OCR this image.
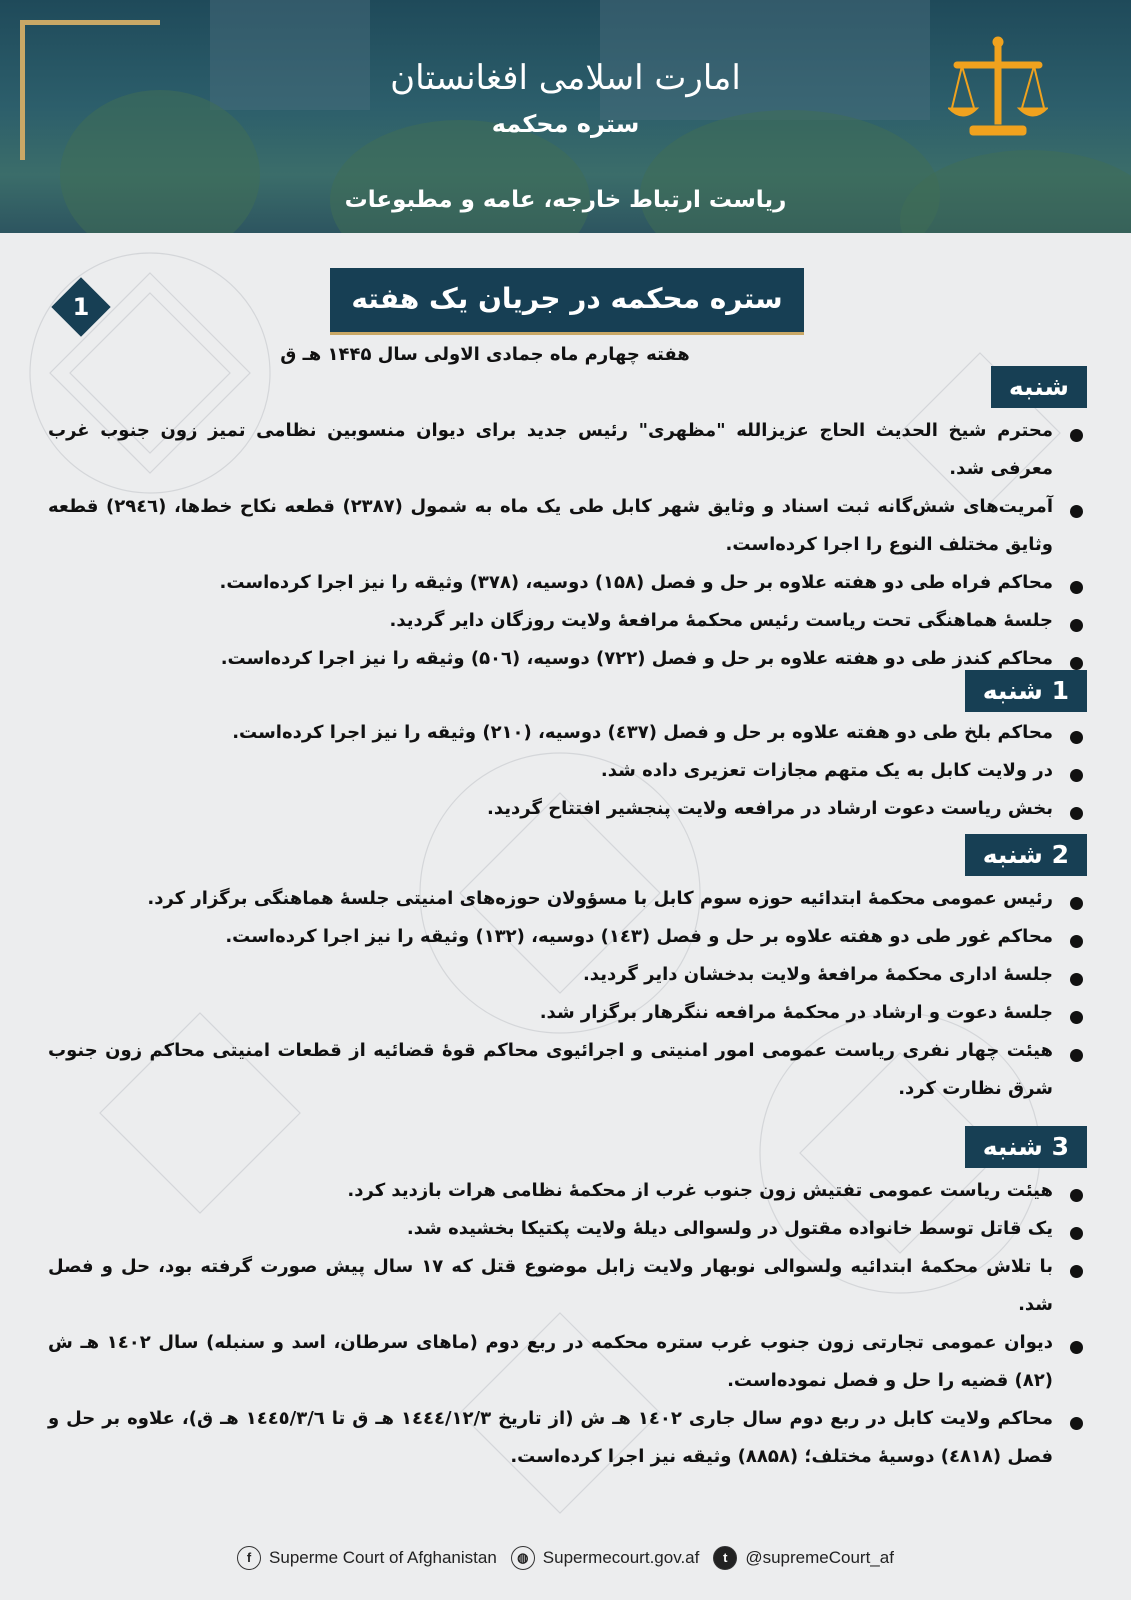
امارت اسلامی افغانستان
ستره محکمه
ریاست ارتباط خارجه، عامه و مطبوعات
1	ستره محکمه در جریان یک هفته
هفته چهارم ماه جمادی الاولی سال ۱۴۴۵ هـ ق
شنبه
محترم شیخ الحدیث الحاج عزیزالله "مظهری" رئیس جدید برای دیوان منسوبین نظامی تمیز زون جنوب غرب معرفی شد.
آمریت‌های شش‌گانه ثبت اسناد و وثایق شهر کابل طی یک ماه به شمول (۲۳۸۷) قطعه نکاح خط‌ها، (۲۹٤٦) قطعه وثایق مختلف النوع را اجرا کرده‌است.
محاکم فراه طی دو هفته علاوه بر حل و فصل (۱۵۸) دوسیه، (۳۷۸) وثیقه را نیز اجرا کرده‌است.
جلسهٔ هماهنگی تحت ریاست رئیس محکمهٔ مرافعهٔ ولایت روزگان دایر گردید.
محاکم کندز طی دو هفته علاوه بر حل و فصل (۷۲۲) دوسیه، (۵۰٦) وثیقه را نیز اجرا کرده‌است.
1 شنبه
محاکم بلخ طی دو هفته علاوه بر حل و فصل (٤۳۷) دوسیه، (۲۱۰) وثیقه را نیز اجرا کرده‌است.
در ولایت کابل به یک متهم مجازات تعزیری داده شد.
بخش ریاست دعوت ارشاد در مرافعه ولایت پنجشیر افتتاح گردید.
2 شنبه
رئیس عمومی محکمهٔ ابتدائیه حوزه سوم کابل با مسؤولان حوزه‌های امنیتی جلسهٔ هماهنگی برگزار کرد.
محاکم غور طی دو هفته علاوه بر حل و فصل (۱٤۳) دوسیه، (۱۳۲) وثیقه را نیز اجرا کرده‌است.
جلسهٔ اداری محکمهٔ مرافعهٔ ولایت بدخشان دایر گردید.
جلسهٔ دعوت و ارشاد در محکمهٔ مرافعه ننگرهار برگزار شد.
هیئت چهار نفری ریاست عمومی امور امنیتی و اجرائیوی محاکم قوهٔ قضائیه از قطعات امنیتی محاکم زون جنوب شرق نظارت کرد.
3 شنبه
هیئت ریاست عمومی تفتیش زون جنوب غرب از محکمهٔ نظامی هرات بازدید کرد.
یک قاتل توسط خانواده مقتول در ولسوالی دیلهٔ ولایت پکتیکا بخشیده شد.
با تلاش محکمهٔ ابتدائیه ولسوالی نوبهار ولایت زابل موضوع قتل که ۱۷ سال پیش صورت گرفته بود، حل و فصل شد.
دیوان عمومی تجارتی زون جنوب غرب ستره محکمه در ربع دوم (ماهای سرطان، اسد و سنبله) سال ۱٤۰۲ هـ ش (۸۲) قضیه را حل و فصل نموده‌است.
محاکم ولایت کابل در ربع دوم سال جاری ۱٤۰۲ هـ ش (از تاریخ ۱٤٤٤/۱۲/۳ هـ ق تا ۱٤٤٥/۳/٦ هـ ق)، علاوه بر حل و فصل (٤۸۱۸) دوسیهٔ مختلف؛ (۸۸۵۸) وثیقه نیز اجرا کرده‌است.
f	Superme Court of Afghanistan	◍ Supermecourt.gov.af	t	@supremeCourt_af
